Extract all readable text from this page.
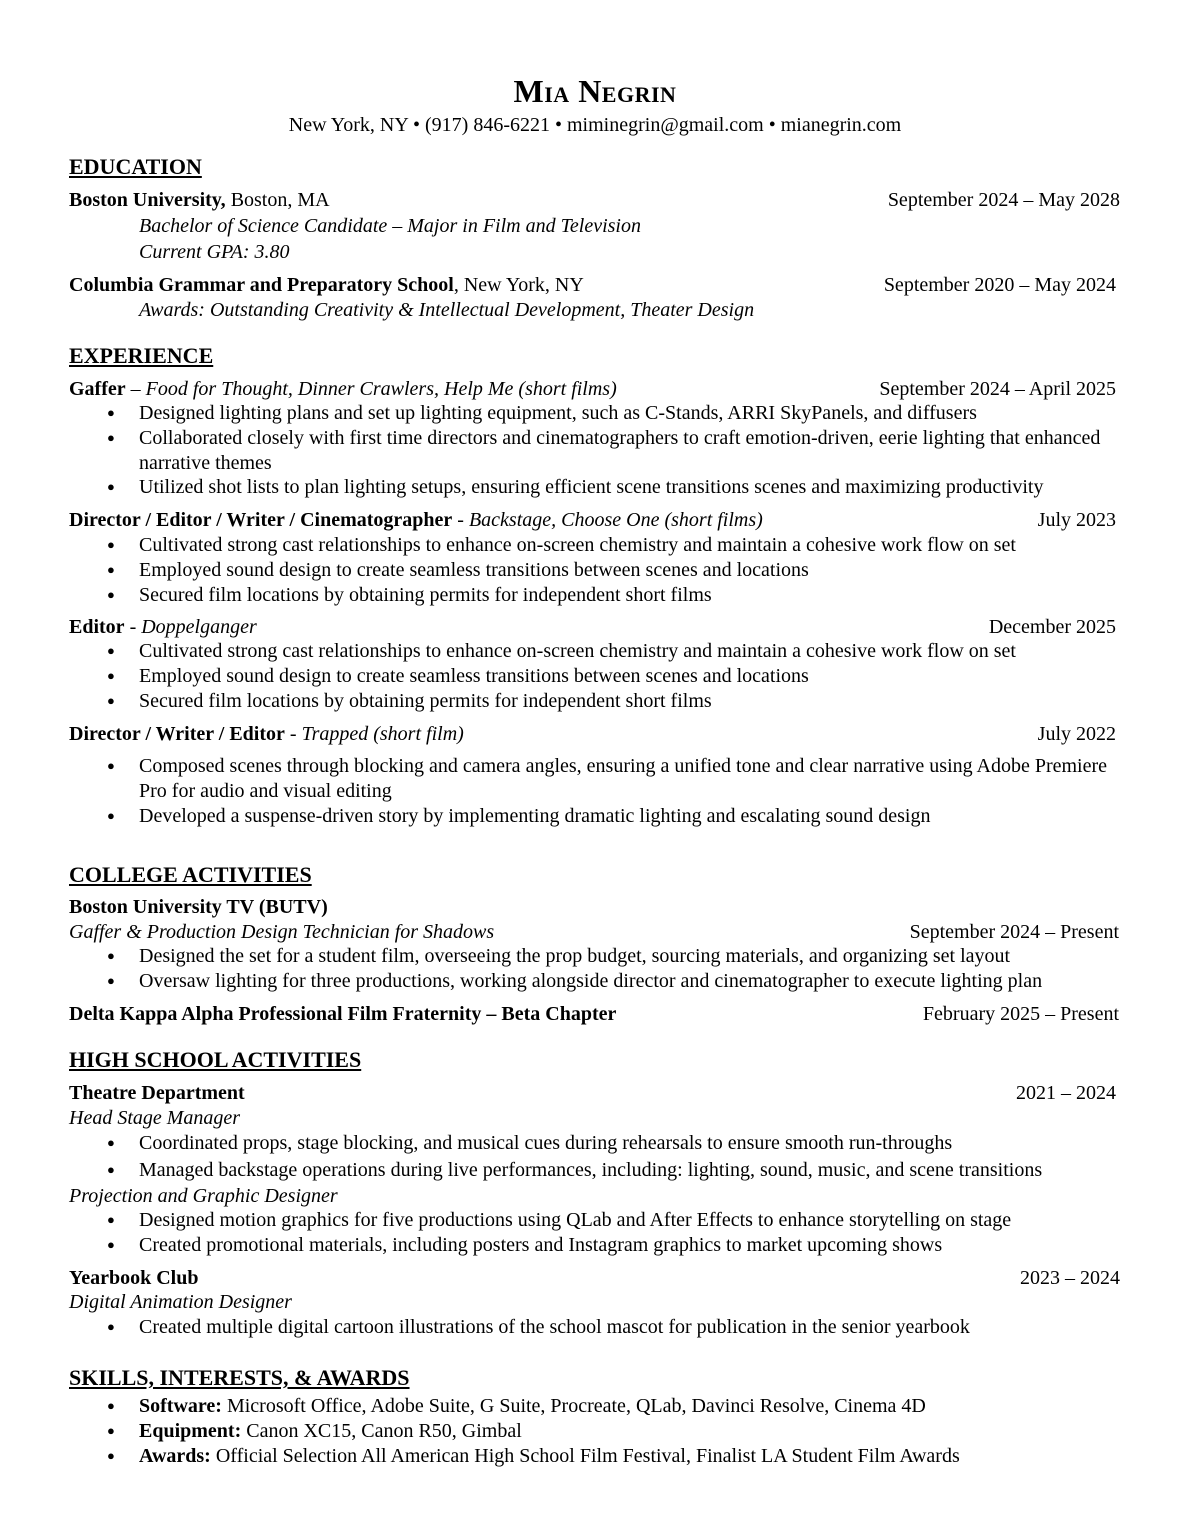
Mia Negrin
New York, NY • (917) 846-6221 • miminegrin@gmail.com • mianegrin.com
EDUCATION
Boston University, Boston, MA	September 2024 – May 2028
Bachelor of Science Candidate – Major in Film and Television
Current GPA: 3.80
Columbia Grammar and Preparatory School, New York, NY	September 2020 – May 2024
Awards: Outstanding Creativity & Intellectual Development, Theater Design
EXPERIENCE
Gaffer – Food for Thought, Dinner Crawlers, Help Me (short films)	September 2024 – April 2025
● Designed lighting plans and set up lighting equipment, such as C-Stands, ARRI SkyPanels, and diffusers
● Collaborated closely with first time directors and cinematographers to craft emotion-driven, eerie lighting that enhanced narrative themes
● Utilized shot lists to plan lighting setups, ensuring efficient scene transitions scenes and maximizing productivity
Director / Editor / Writer / Cinematographer - Backstage, Choose One (short films)	July 2023
● Cultivated strong cast relationships to enhance on-screen chemistry and maintain a cohesive work flow on set
● Employed sound design to create seamless transitions between scenes and locations
● Secured film locations by obtaining permits for independent short films
Editor - Doppelganger	December 2025
● Cultivated strong cast relationships to enhance on-screen chemistry and maintain a cohesive work flow on set
● Employed sound design to create seamless transitions between scenes and locations
● Secured film locations by obtaining permits for independent short films
Director / Writer / Editor - Trapped (short film)	July 2022
● Composed scenes through blocking and camera angles, ensuring a unified tone and clear narrative using Adobe Premiere Pro for audio and visual editing
● Developed a suspense-driven story by implementing dramatic lighting and escalating sound design
COLLEGE ACTIVITIES
Boston University TV (BUTV)
Gaffer & Production Design Technician for Shadows	September 2024 – Present
● Designed the set for a student film, overseeing the prop budget, sourcing materials, and organizing set layout
● Oversaw lighting for three productions, working alongside director and cinematographer to execute lighting plan
Delta Kappa Alpha Professional Film Fraternity – Beta Chapter	February 2025 – Present
HIGH SCHOOL ACTIVITIES
Theatre Department	2021 – 2024
Head Stage Manager
● Coordinated props, stage blocking, and musical cues during rehearsals to ensure smooth run-throughs
● Managed backstage operations during live performances, including: lighting, sound, music, and scene transitions
Projection and Graphic Designer
● Designed motion graphics for five productions using QLab and After Effects to enhance storytelling on stage
● Created promotional materials, including posters and Instagram graphics to market upcoming shows
Yearbook Club	2023 – 2024
Digital Animation Designer
● Created multiple digital cartoon illustrations of the school mascot for publication in the senior yearbook
SKILLS, INTERESTS, & AWARDS
● Software: Microsoft Office, Adobe Suite, G Suite, Procreate, QLab, Davinci Resolve, Cinema 4D
● Equipment: Canon XC15, Canon R50, Gimbal
● Awards: Official Selection All American High School Film Festival, Finalist LA Student Film Awards
